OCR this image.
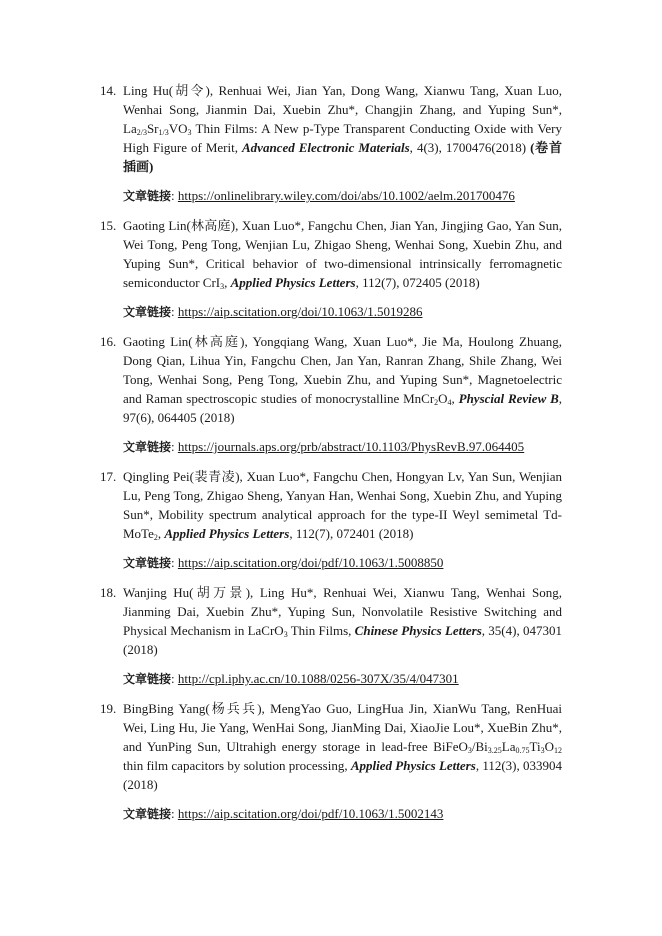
14. Ling Hu(胡令), Renhuai Wei, Jian Yan, Dong Wang, Xianwu Tang, Xuan Luo, Wenhai Song, Jianmin Dai, Xuebin Zhu*, Changjin Zhang, and Yuping Sun*, $La_{2/3}Sr_{1/3}VO_3$ Thin Films: A New p-Type Transparent Conducting Oxide with Very High Figure of Merit, Advanced Electronic Materials, 4(3), 1700476(2018) (卷首插画)

文章链接: https://onlinelibrary.wiley.com/doi/abs/10.1002/aelm.201700476

15. Gaoting Lin(林高庭), Xuan Luo*, Fangchu Chen, Jian Yan, Jingjing Gao, Yan Sun, Wei Tong, Peng Tong, Wenjian Lu, Zhigao Sheng, Wenhai Song, Xuebin Zhu, and Yuping Sun*, Critical behavior of two-dimensional intrinsically ferromagnetic semiconductor CrI$_3$, Applied Physics Letters, 112(7), 072405 (2018)

文章链接: https://aip.scitation.org/doi/10.1063/1.5019286

16. Gaoting Lin(林高庭), Yongqiang Wang, Xuan Luo*, Jie Ma, Houlong Zhuang, Dong Qian, Lihua Yin, Fangchu Chen, Jan Yan, Ranran Zhang, Shile Zhang, Wei Tong, Wenhai Song, Peng Tong, Xuebin Zhu, and Yuping Sun*, Magnetoelectric and Raman spectroscopic studies of monocrystalline $MnCr_2O_4$, Physcial Review B, 97(6), 064405 (2018)

文章链接: https://journals.aps.org/prb/abstract/10.1103/PhysRevB.97.064405

17. Qingling Pei(裴青凌), Xuan Luo*, Fangchu Chen, Hongyan Lv, Yan Sun, Wenjian Lu, Peng Tong, Zhigao Sheng, Yanyan Han, Wenhai Song, Xuebin Zhu, and Yuping Sun*, Mobility spectrum analytical approach for the type-II Weyl semimetal Td-MoTe$_2$, Applied Physics Letters, 112(7), 072401 (2018)

文章链接: https://aip.scitation.org/doi/pdf/10.1063/1.5008850

18. Wanjing Hu(胡万景), Ling Hu*, Renhuai Wei, Xianwu Tang, Wenhai Song, Jianming Dai, Xuebin Zhu*, Yuping Sun, Nonvolatile Resistive Switching and Physical Mechanism in LaCrO$_3$ Thin Films, Chinese Physics Letters, 35(4), 047301 (2018)

文章链接: http://cpl.iphy.ac.cn/10.1088/0256-307X/35/4/047301

19. BingBing Yang(杨兵兵), MengYao Guo, LingHua Jin, XianWu Tang, RenHuai Wei, Ling Hu, Jie Yang, WenHai Song, JianMing Dai, XiaoJie Lou*, XueBin Zhu*, and YunPing Sun, Ultrahigh energy storage in lead-free $BiFeO_3/Bi_{3.25}La_{0.75}Ti_3O_{12}$ thin film capacitors by solution processing, Applied Physics Letters, 112(3), 033904 (2018)

文章链接: https://aip.scitation.org/doi/pdf/10.1063/1.5002143
